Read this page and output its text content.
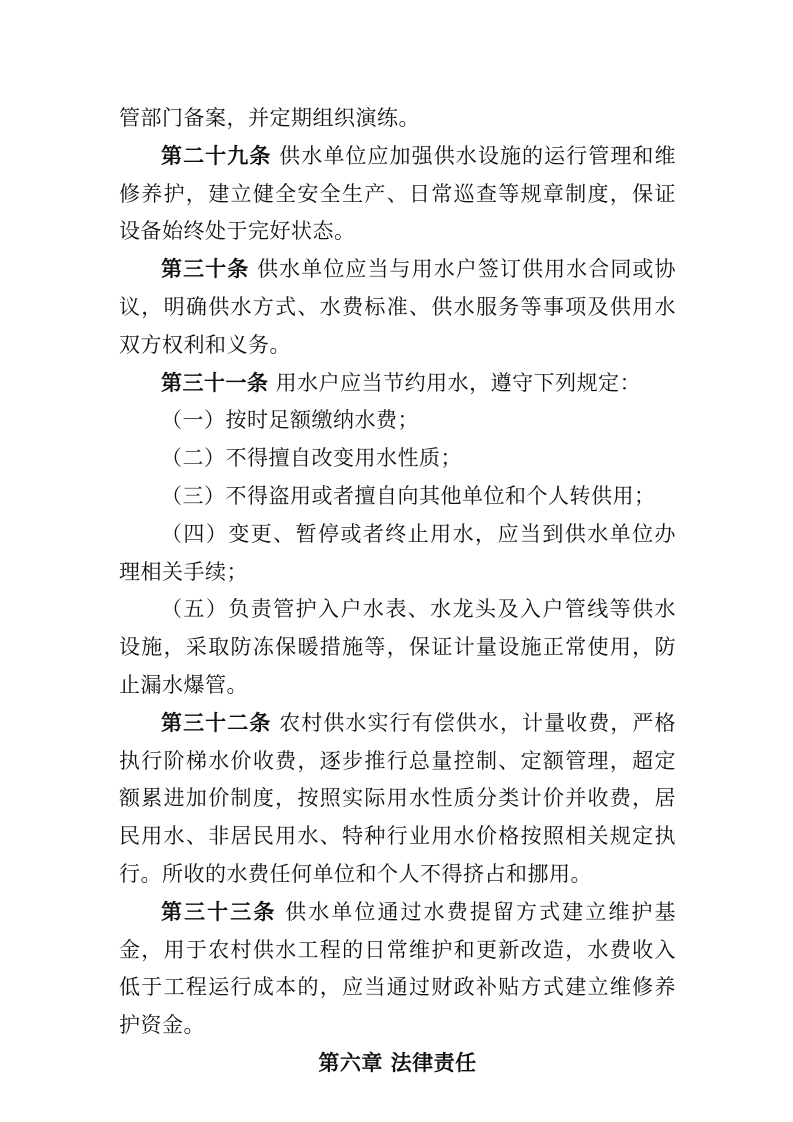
管部门备案，并定期组织演练。

第二十九条 供水单位应加强供水设施的运行管理和维修养护，建立健全安全生产、日常巡查等规章制度，保证设备始终处于完好状态。

第三十条 供水单位应当与用水户签订供用水合同或协议，明确供水方式、水费标准、供水服务等事项及供用水双方权利和义务。

第三十一条 用水户应当节约用水，遵守下列规定：

（一）按时足额缴纳水费；

（二）不得擅自改变用水性质；

（三）不得盗用或者擅自向其他单位和个人转供用；

（四）变更、暂停或者终止用水，应当到供水单位办理相关手续；

（五）负责管护入户水表、水龙头及入户管线等供水设施，采取防冻保暖措施等，保证计量设施正常使用，防止漏水爆管。

第三十二条 农村供水实行有偿供水，计量收费，严格执行阶梯水价收费，逐步推行总量控制、定额管理，超定额累进加价制度，按照实际用水性质分类计价并收费，居民用水、非居民用水、特种行业用水价格按照相关规定执行。所收的水费任何单位和个人不得挤占和挪用。

第三十三条 供水单位通过水费提留方式建立维护基金，用于农村供水工程的日常维护和更新改造，水费收入低于工程运行成本的，应当通过财政补贴方式建立维修养护资金。

第六章 法律责任
